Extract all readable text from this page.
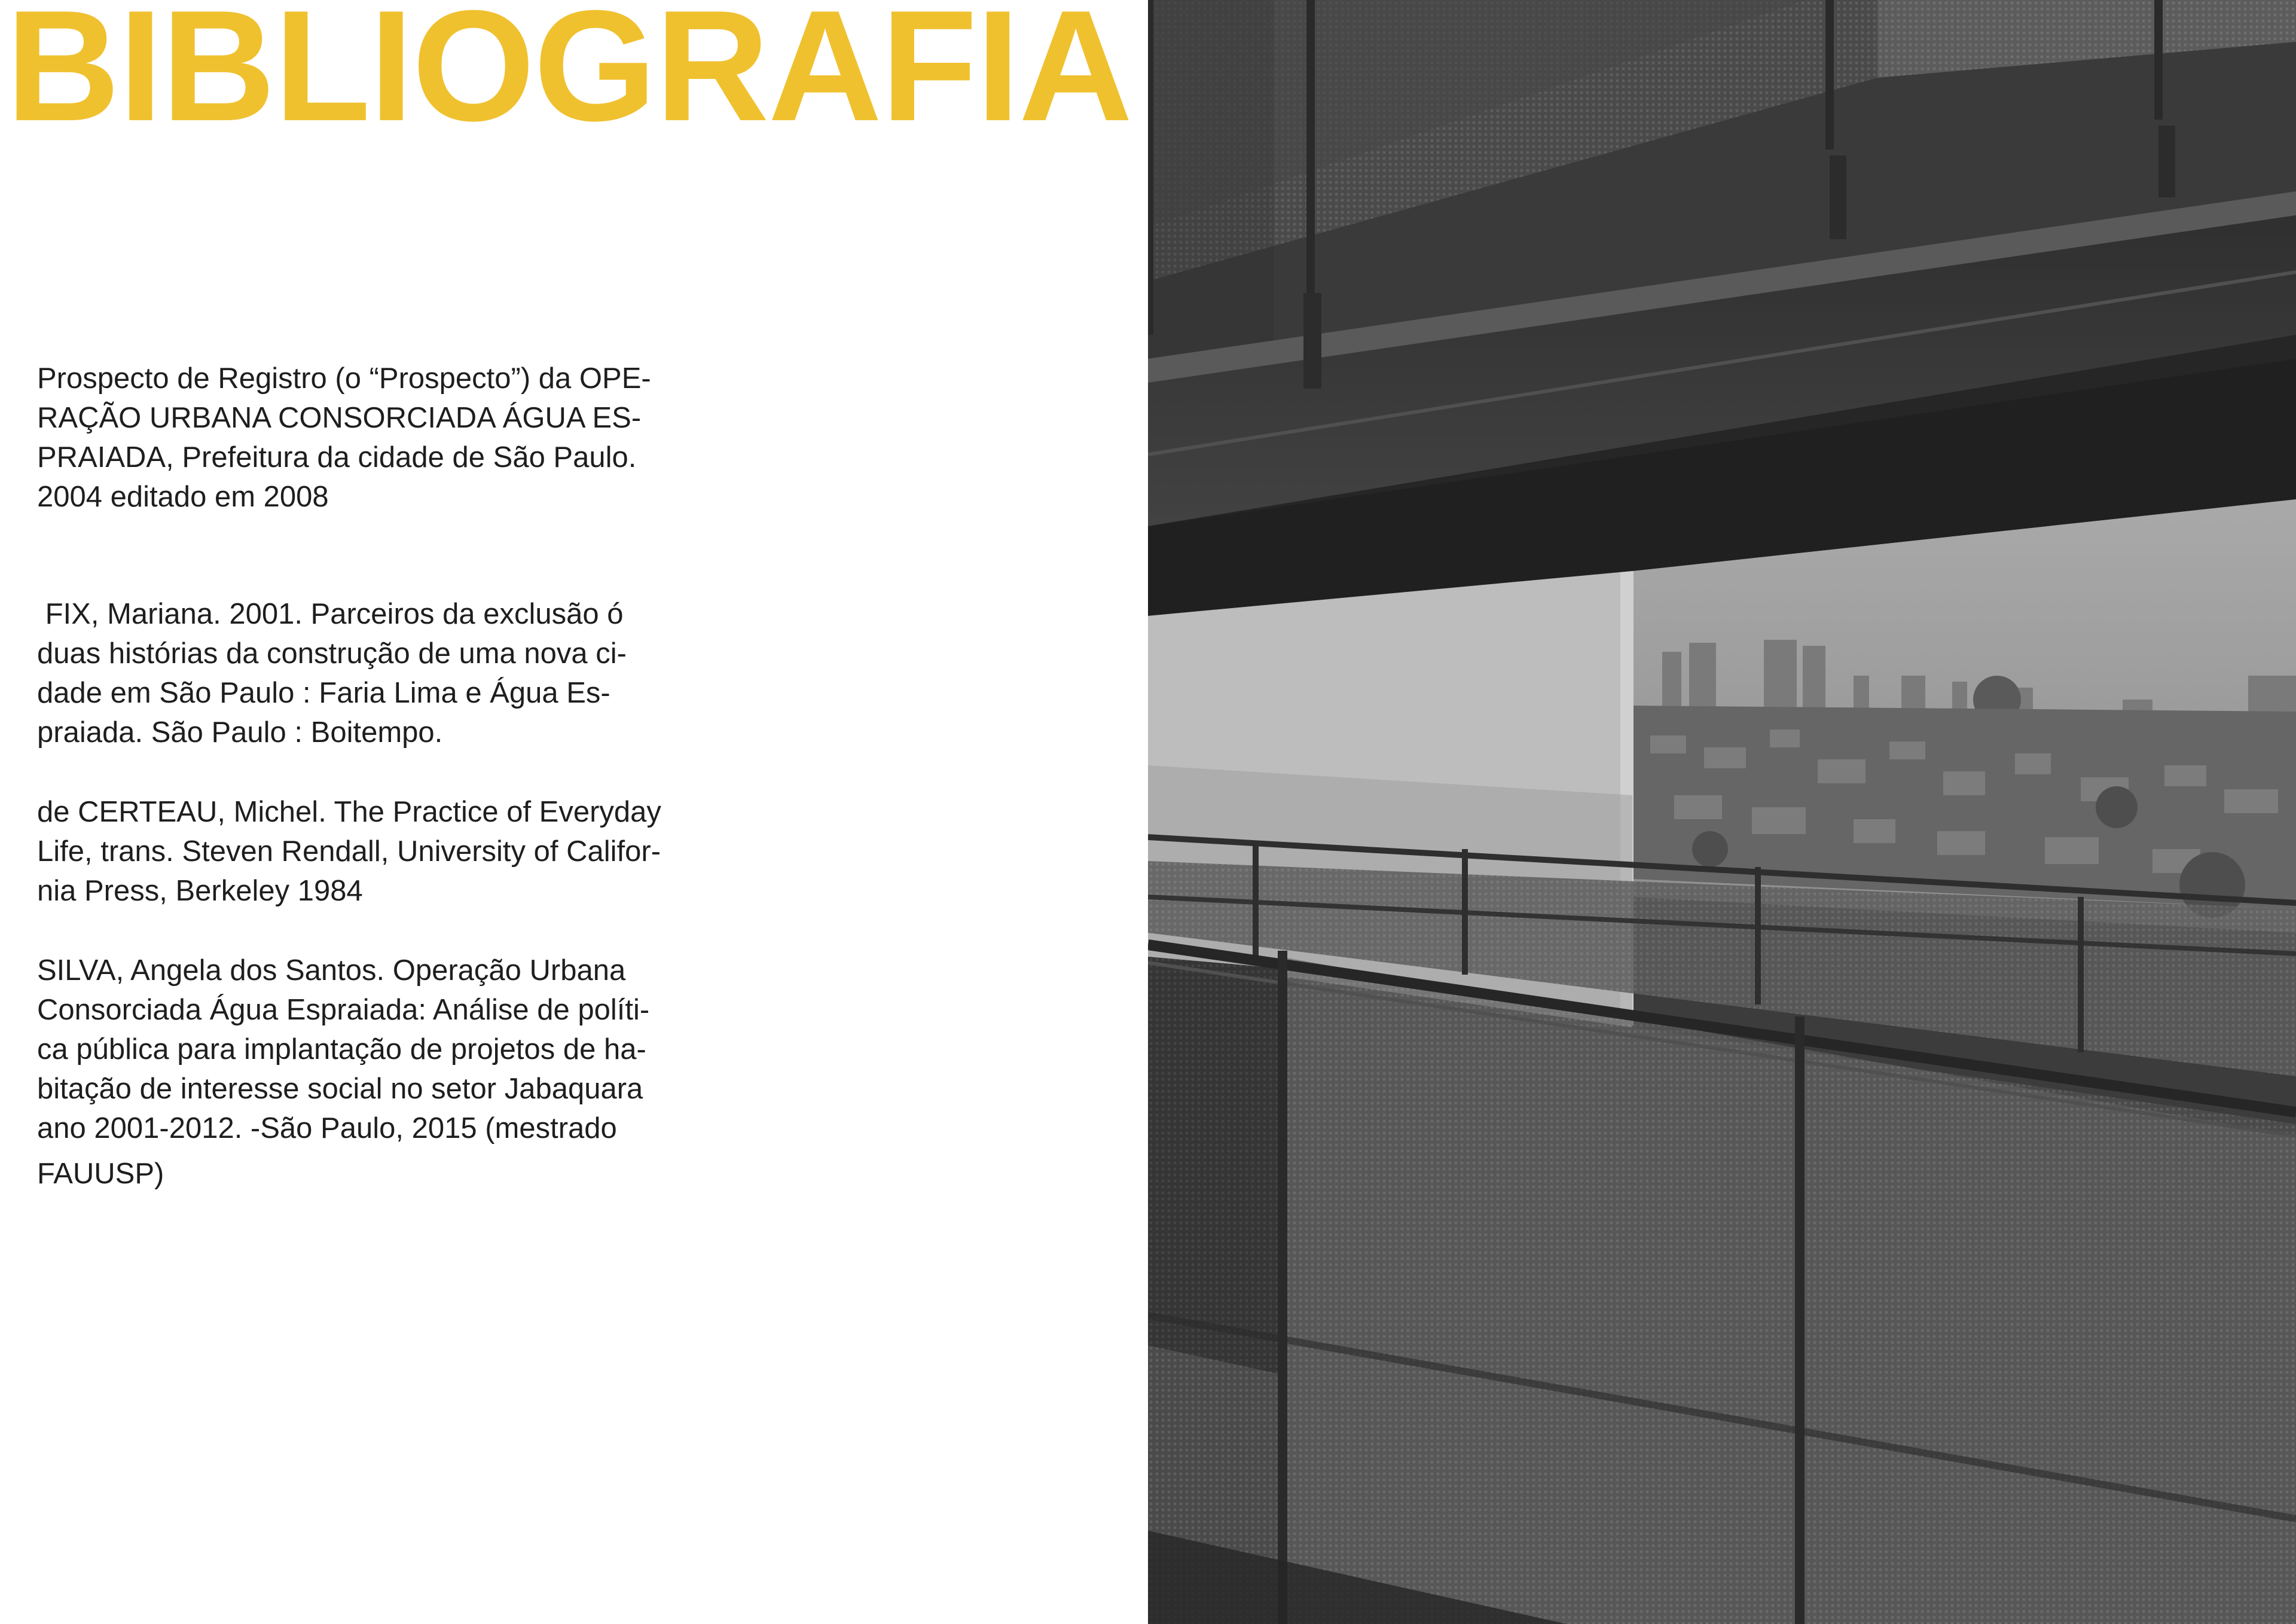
BIBLIOGRAFIA

Prospecto de Registro (o “Prospecto”) da OPE-
RAÇÃO URBANA CONSORCIADA ÁGUA ES-
PRAIADA, Prefeitura da cidade de São Paulo.
2004 editado em 2008

FIX, Mariana. 2001. Parceiros da exclusão ó
duas histórias da construção de uma nova ci-
dade em São Paulo : Faria Lima e Água Es-
praiada. São Paulo : Boitempo.

de CERTEAU, Michel. The Practice of Everyday
Life, trans. Steven Rendall, University of Califor-
nia Press, Berkeley 1984

SILVA, Angela dos Santos. Operação Urbana
Consorciada Água Espraiada: Análise de políti-
ca pública para implantação de projetos de ha-
bitação de interesse social no setor Jabaquara
ano 2001-2012. -São Paulo, 2015 (mestrado
FAUUSP)
